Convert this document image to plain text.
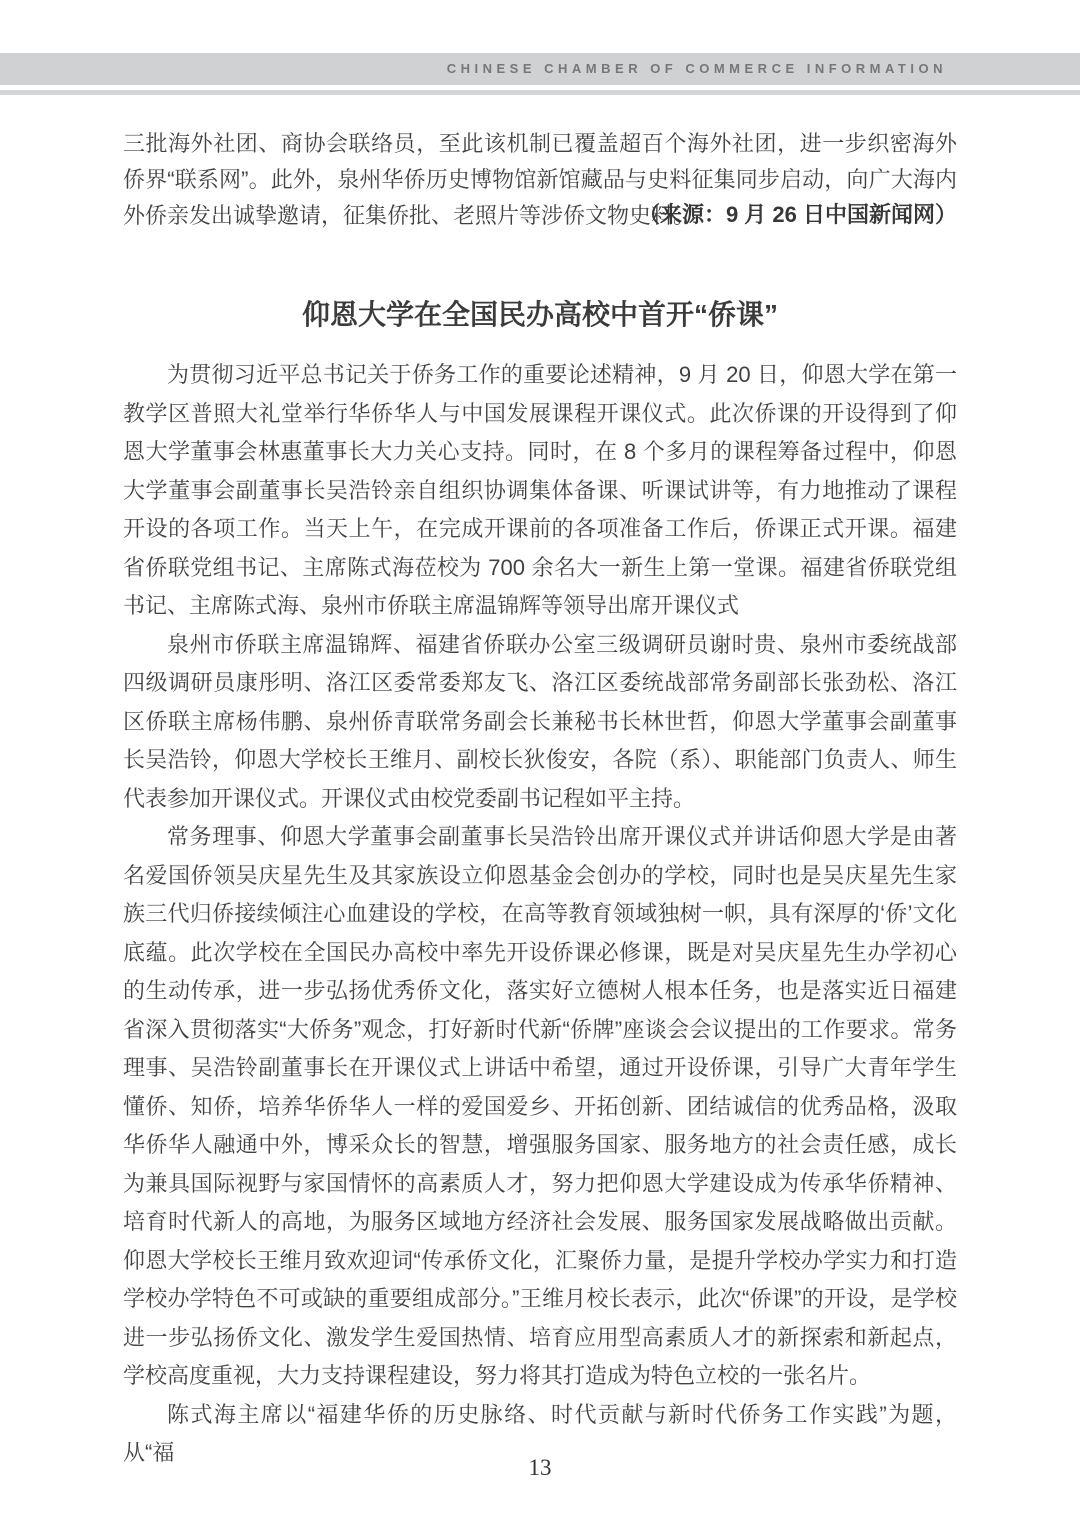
CHINESE CHAMBER OF COMMERCE INFORMATION

三批海外社团、商协会联络员，至此该机制已覆盖超百个海外社团，进一步织密海外侨界“联系网”。此外，泉州华侨历史博物馆新馆藏品与史料征集同步启动，向广大海内外侨亲发出诚挚邀请，征集侨批、老照片等涉侨文物史料。

（来源：9 月 26 日中国新闻网）
仰恩大学在全国民办高校中首开“侨课”

为贯彻习近平总书记关于侨务工作的重要论述精神，9 月 20 日，仰恩大学在第一教学区普照大礼堂举行华侨华人与中国发展课程开课仪式。此次侨课的开设得到了仰恩大学董事会林惠董事长大力关心支持。同时，在 8 个多月的课程筹备过程中，仰恩大学董事会副董事长吴浩铃亲自组织协调集体备课、听课试讲等，有力地推动了课程开设的各项工作。当天上午，在完成开课前的各项准备工作后，侨课正式开课。福建省侨联党组书记、主席陈式海莅校为 700 余名大一新生上第一堂课。福建省侨联党组书记、主席陈式海、泉州市侨联主席温锦辉等领导出席开课仪式

泉州市侨联主席温锦辉、福建省侨联办公室三级调研员谢时贵、泉州市委统战部四级调研员康彤明、洛江区委常委郑友飞、洛江区委统战部常务副部长张劲松、洛江区侨联主席杨伟鹏、泉州侨青联常务副会长兼秘书长林世哲，仰恩大学董事会副董事长吴浩铃，仰恩大学校长王维月、副校长狄俊安，各院（系）、职能部门负责人、师生代表参加开课仪式。开课仪式由校党委副书记程如平主持。

常务理事、仰恩大学董事会副董事长吴浩铃出席开课仪式并讲话仰恩大学是由著名爱国侨领吴庆星先生及其家族设立仰恩基金会创办的学校，同时也是吴庆星先生家族三代归侨接续倾注心血建设的学校，在高等教育领域独树一帜，具有深厚的‘侨’文化底蕴。此次学校在全国民办高校中率先开设侨课必修课，既是对吴庆星先生办学初心的生动传承，进一步弘扬优秀侨文化，落实好立德树人根本任务，也是落实近日福建省深入贯彻落实“大侨务”观念，打好新时代新“侨牌”座谈会会议提出的工作要求。常务理事、吴浩铃副董事长在开课仪式上讲话中希望，通过开设侨课，引导广大青年学生懂侨、知侨，培养华侨华人一样的爱国爱乡、开拓创新、团结诚信的优秀品格，汲取华侨华人融通中外，博采众长的智慧，增强服务国家、服务地方的社会责任感，成长为兼具国际视野与家国情怀的高素质人才，努力把仰恩大学建设成为传承华侨精神、培育时代新人的高地，为服务区域地方经济社会发展、服务国家发展战略做出贡献。仰恩大学校长王维月致欢迎词“传承侨文化，汇聚侨力量，是提升学校办学实力和打造学校办学特色不可或缺的重要组成部分。”王维月校长表示，此次“侨课”的开设，是学校进一步弘扬侨文化、激发学生爱国热情、培育应用型高素质人才的新探索和新起点，学校高度重视，大力支持课程建设，努力将其打造成为特色立校的一张名片。

陈式海主席以“福建华侨的历史脉络、时代贡献与新时代侨务工作实践”为题，从“福

13
